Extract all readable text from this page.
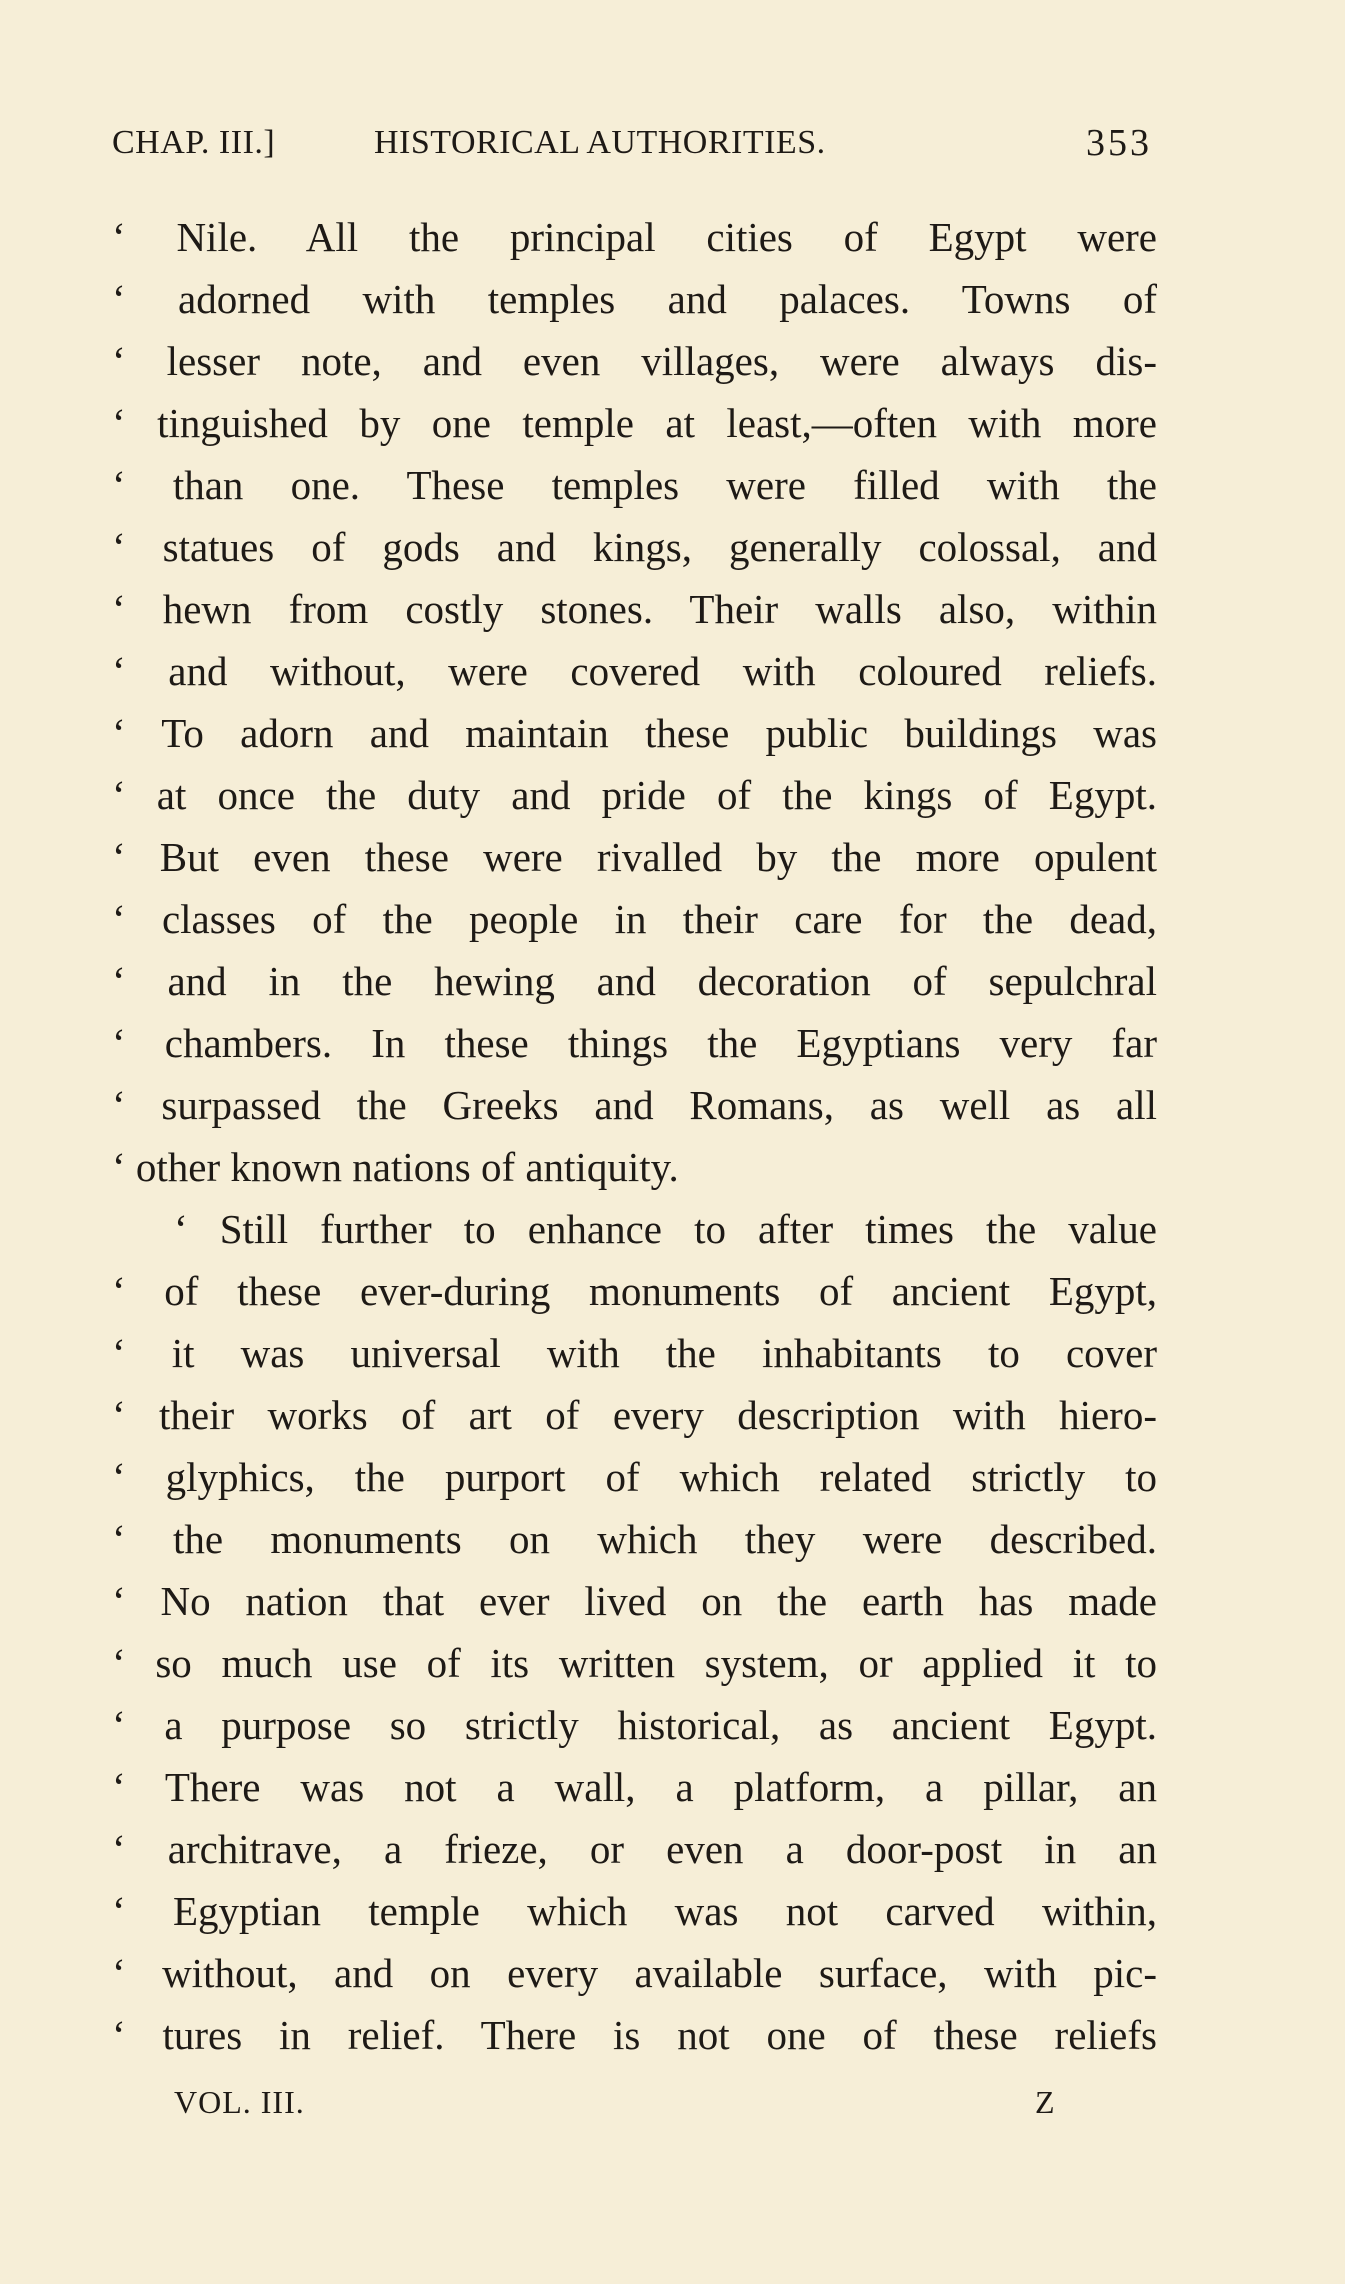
CHAP. III.]	HISTORICAL AUTHORITIES.	353
‘ Nile. All the principal cities of Egypt were
‘ adorned with temples and palaces. Towns of
‘ lesser note, and even villages, were always dis-
‘ tinguished by one temple at least,—often with more
‘ than one. These temples were filled with the
‘ statues of gods and kings, generally colossal, and
‘ hewn from costly stones. Their walls also, within
‘ and without, were covered with coloured reliefs.
‘ To adorn and maintain these public buildings was
‘ at once the duty and pride of the kings of Egypt.
‘ But even these were rivalled by the more opulent
‘ classes of the people in their care for the dead,
‘ and in the hewing and decoration of sepulchral
‘ chambers. In these things the Egyptians very far
‘ surpassed the Greeks and Romans, as well as all
‘ other known nations of antiquity.
‘ Still further to enhance to after times the value
‘ of these ever-during monuments of ancient Egypt,
‘ it was universal with the inhabitants to cover
‘ their works of art of every description with hiero-
‘ glyphics, the purport of which related strictly to
‘ the monuments on which they were described.
‘ No nation that ever lived on the earth has made
‘ so much use of its written system, or applied it to
‘ a purpose so strictly historical, as ancient Egypt.
‘ There was not a wall, a platform, a pillar, an
‘ architrave, a frieze, or even a door-post in an
‘ Egyptian temple which was not carved within,
‘ without, and on every available surface, with pic-
‘ tures in relief. There is not one of these reliefs
VOL. III.	Z
